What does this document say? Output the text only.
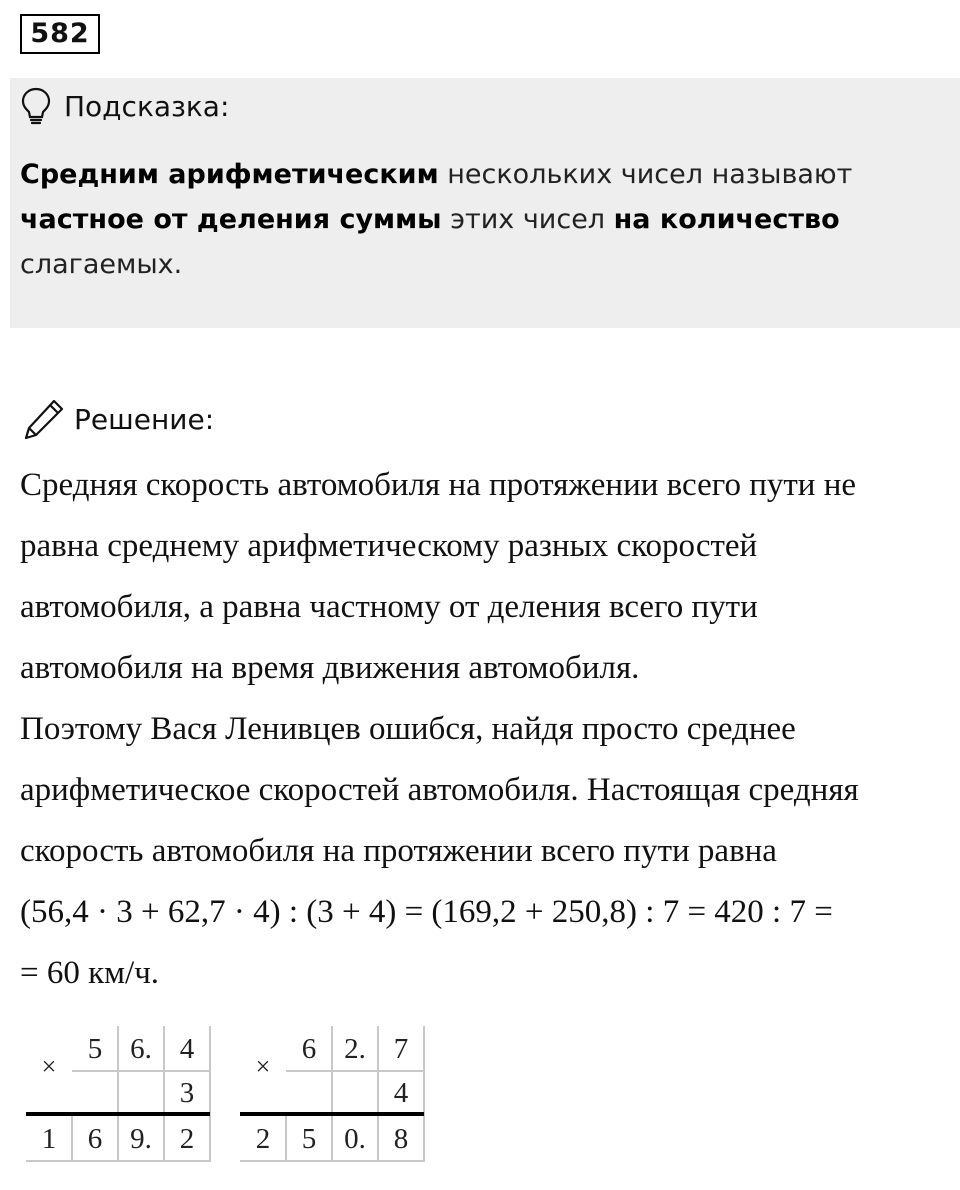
582
Подсказка:
Средним арифметическим нескольких чисел называют частное от деления суммы этих чисел на количество слагаемых.
Решение:
Средняя скорость автомобиля на протяжении всего пути не
равна среднему арифметическому разных скоростей
автомобиля, а равна частному от деления всего пути
автомобиля на время движения автомобиля.
Поэтому Вася Ленивцев ошибся, найдя просто среднее
арифметическое скоростей автомобиля. Настоящая средняя
скорость автомобиля на протяжении всего пути равна
(56,4 · 3 + 62,7 · 4) : (3 + 4) = (169,2 + 250,8) : 7 = 420 : 7 =
= 60 км/ч.
×
5 6. 4
3
1	6 9. 2
×
6 2. 7
4
2	5 0. 8
